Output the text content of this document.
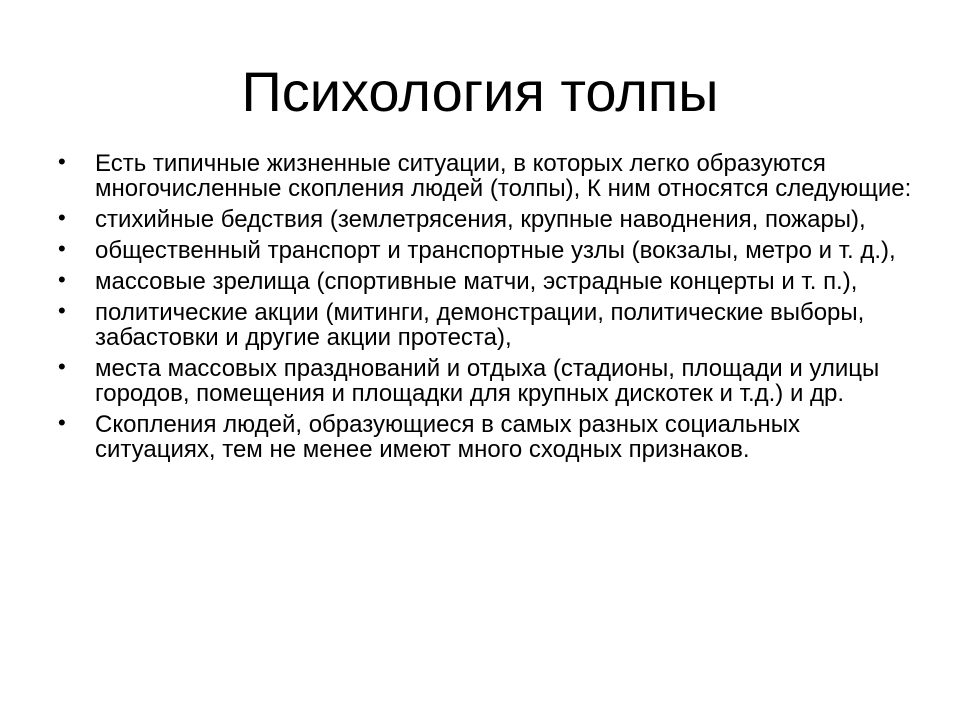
Психология толпы
• Есть типичные жизненные ситуации, в которых легко образуются многочисленные скопления людей (толпы), К ним относятся следующие:
• стихийные бедствия (землетрясения, крупные наводнения, пожары),
• общественный транспорт и транспортные узлы (вокзалы, метро и т. д.),
• массовые зрелища (спортивные матчи, эстрадные концерты и т. п.),
• политические акции (митинги, демонстрации, политические выборы, забастовки и другие акции протеста),
• места массовых празднований и отдыха (стадионы, площади и улицы городов, помещения и площадки для крупных дискотек и т.д.) и др.
• Скопления людей, образующиеся в самых разных социальных ситуациях, тем не менее имеют много сходных признаков.
